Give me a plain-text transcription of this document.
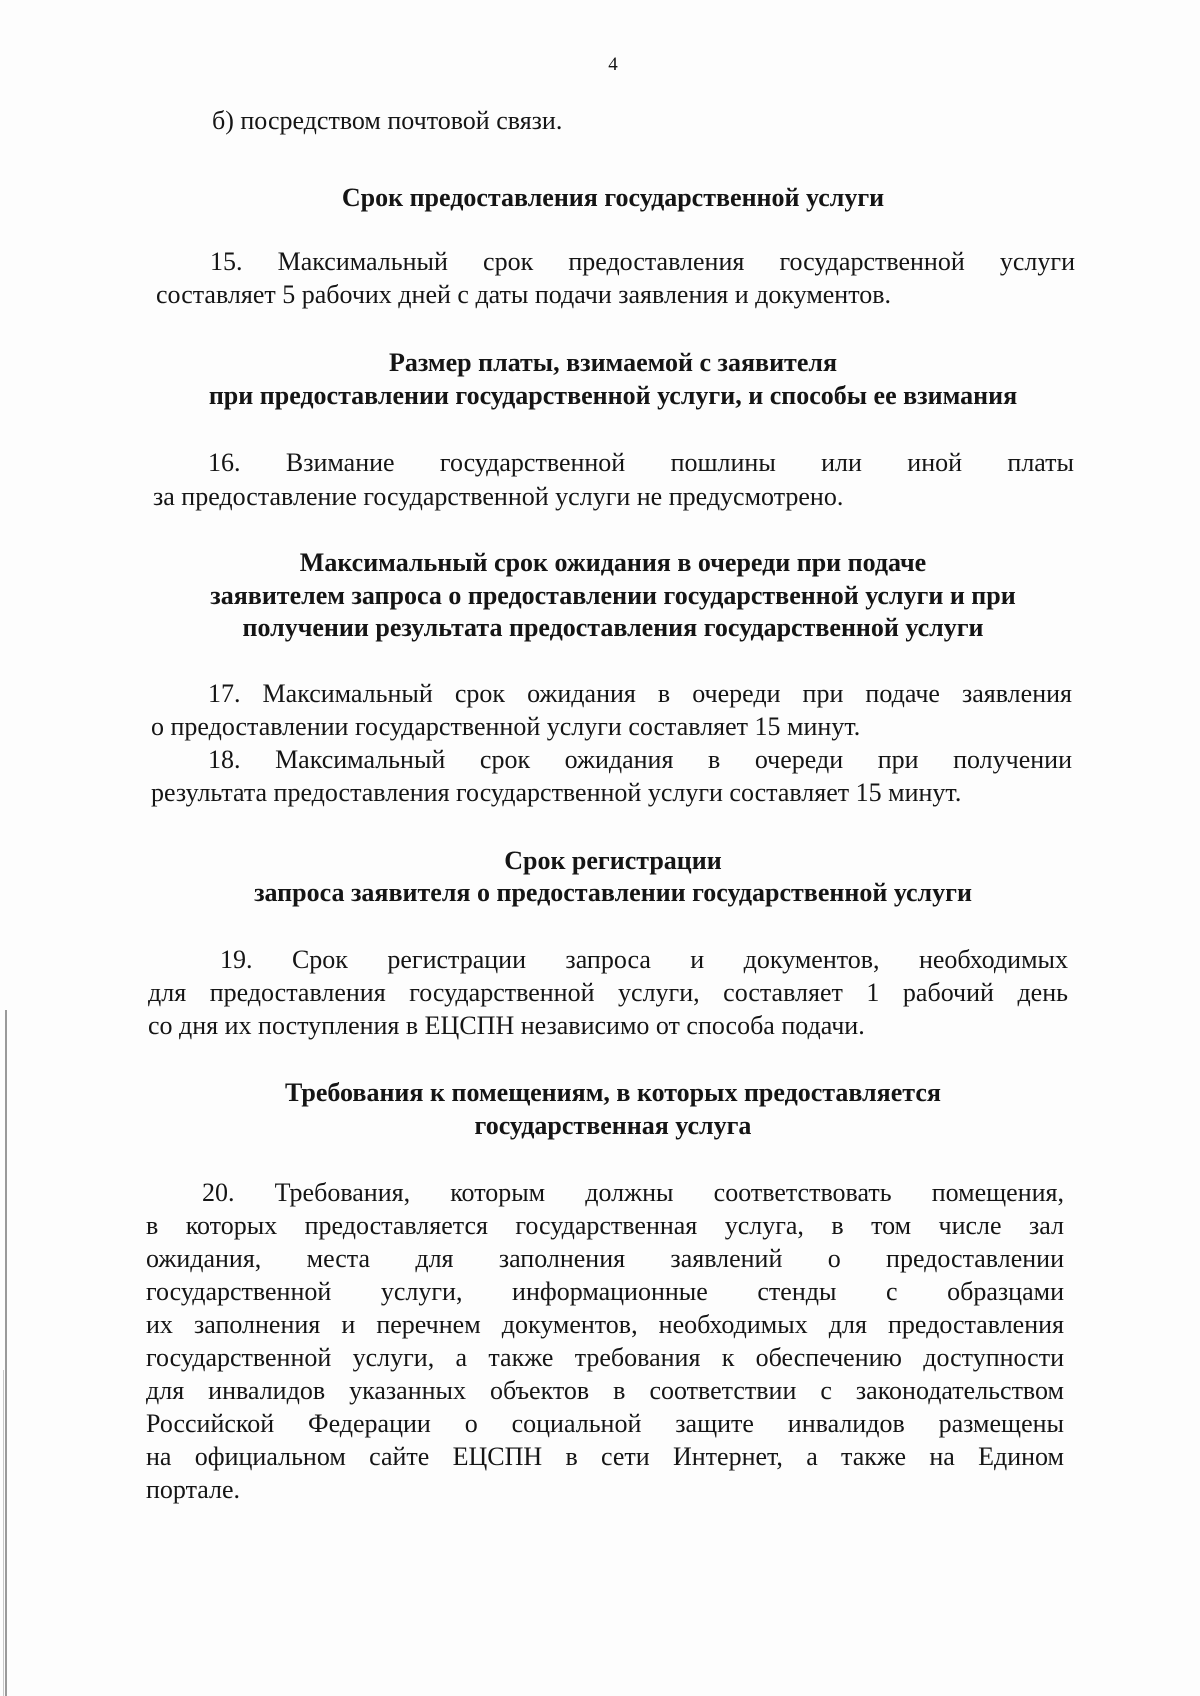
4
б) посредством почтовой связи.
Срок предоставления государственной услуги
15. Максимальный срок предоставления государственной услуги
составляет 5 рабочих дней с даты подачи заявления и документов.
Размер платы, взимаемой с заявителя
при предоставлении государственной услуги, и способы ее взимания
16. Взимание государственной пошлины или иной платы
за предоставление государственной услуги не предусмотрено.
Максимальный срок ожидания в очереди при подаче
заявителем запроса о предоставлении государственной услуги и при
получении результата предоставления государственной услуги
17. Максимальный срок ожидания в очереди при подаче заявления
о предоставлении государственной услуги составляет 15 минут.
18. Максимальный срок ожидания в очереди при получении
результата предоставления государственной услуги составляет 15 минут.
Срок регистрации
запроса заявителя о предоставлении государственной услуги
19. Срок регистрации запроса и документов, необходимых
для предоставления государственной услуги, составляет 1 рабочий день
со дня их поступления в ЕЦСПН независимо от способа подачи.
Требования к помещениям, в которых предоставляется
государственная услуга
20. Требования, которым должны соответствовать помещения,
в которых предоставляется государственная услуга, в том числе зал
ожидания, места для заполнения заявлений о предоставлении
государственной услуги, информационные стенды с образцами
их заполнения и перечнем документов, необходимых для предоставления
государственной услуги, а также требования к обеспечению доступности
для инвалидов указанных объектов в соответствии с законодательством
Российской Федерации о социальной защите инвалидов размещены
на официальном сайте ЕЦСПН в сети Интернет, а также на Едином
портале.
